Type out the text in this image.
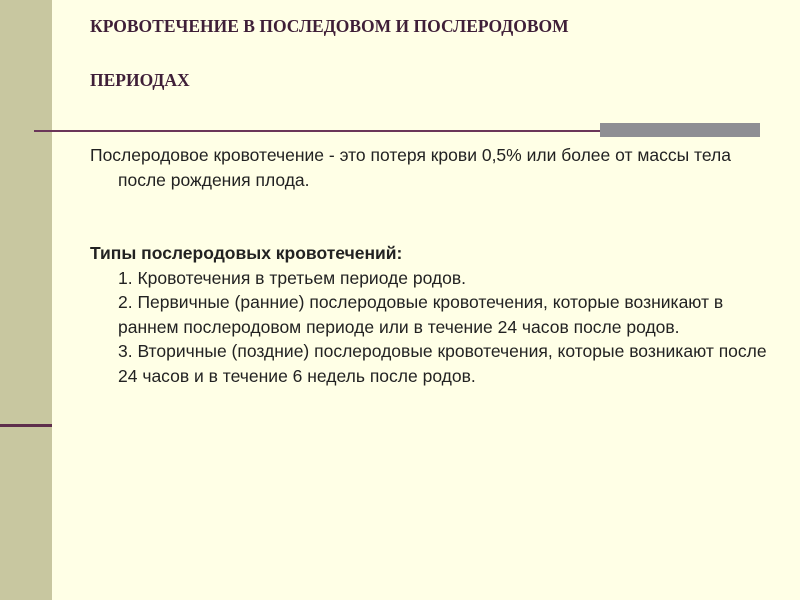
КРОВОТЕЧЕНИЕ В ПОСЛЕДОВОМ И ПОСЛЕРОДОВОМ
ПЕРИОДАХ

Послеродовое кровотечение - это потеря крови 0,5% или более от массы тела после рождения плода.

Типы послеродовых кровотечений:

1. Кровотечения в третьем периоде родов.

2. Первичные (ранние) послеродовые кровотечения, которые возникают в раннем послеродовом периоде или в течение 24 часов после родов.

3. Вторичные (поздние) послеродовые кровотечения, которые возникают после 24 часов и в течение 6 недель после родов.
